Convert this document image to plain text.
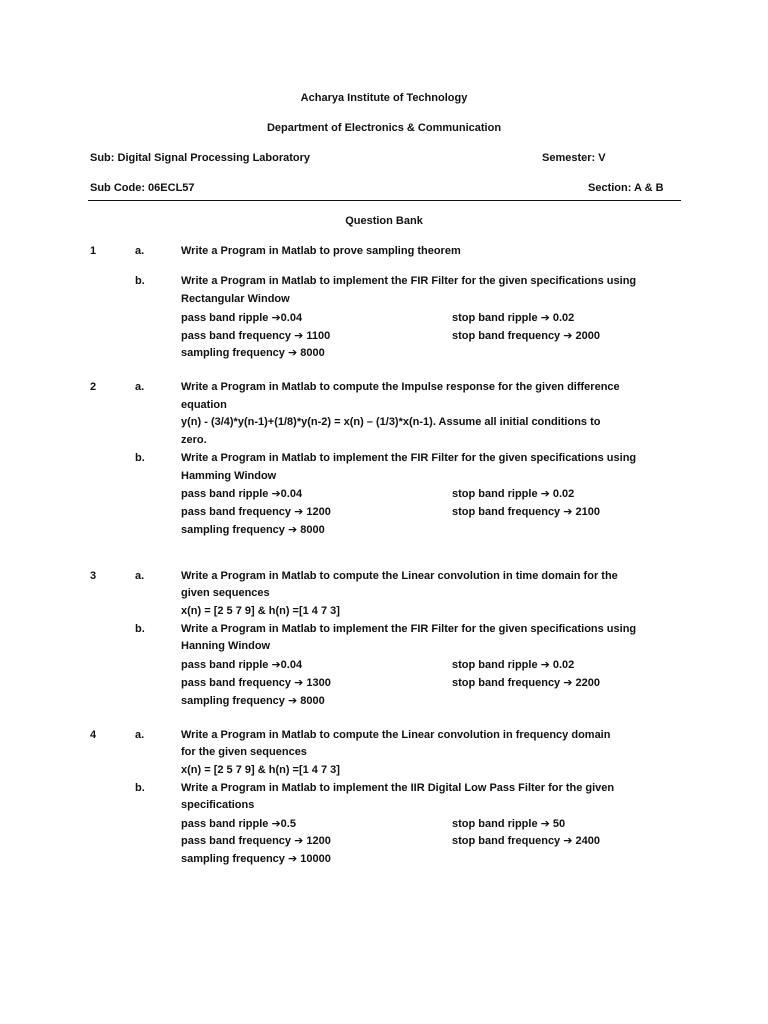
Acharya Institute of Technology
Department of Electronics & Communication
Sub: Digital Signal Processing Laboratory	Semester: V
Sub Code: 06ECL57	Section: A & B
Question Bank
1	a.	Write a Program in Matlab to prove sampling theorem
b.	Write a Program in Matlab to implement the FIR Filter for the given specifications using
Rectangular Window
pass band ripple ➔0.04	stop band ripple ➔ 0.02
pass band frequency ➔ 1100	stop band frequency ➔ 2000
sampling frequency ➔ 8000
2	a.	Write a Program in Matlab to compute the Impulse response for the given difference
equation
y(n) - (3/4)*y(n-1)+(1/8)*y(n-2) = x(n) – (1/3)*x(n-1). Assume all initial conditions to
zero.
b.	Write a Program in Matlab to implement the FIR Filter for the given specifications using
Hamming Window
pass band ripple ➔0.04	stop band ripple ➔ 0.02
pass band frequency ➔ 1200	stop band frequency ➔ 2100
sampling frequency ➔ 8000
3	a.	Write a Program in Matlab to compute the Linear convolution in time domain for the
given sequences
x(n) = [2 5 7 9] & h(n) =[1 4 7 3]
b.	Write a Program in Matlab to implement the FIR Filter for the given specifications using
Hanning Window
pass band ripple ➔0.04	stop band ripple ➔ 0.02
pass band frequency ➔ 1300	stop band frequency ➔ 2200
sampling frequency ➔ 8000
4	a.	Write a Program in Matlab to compute the Linear convolution in frequency domain
for the given sequences
x(n) = [2 5 7 9] & h(n) =[1 4 7 3]
b.	Write a Program in Matlab to implement the IIR Digital Low Pass Filter for the given
specifications
pass band ripple ➔0.5	stop band ripple ➔ 50
pass band frequency ➔ 1200	stop band frequency ➔ 2400
sampling frequency ➔ 10000
